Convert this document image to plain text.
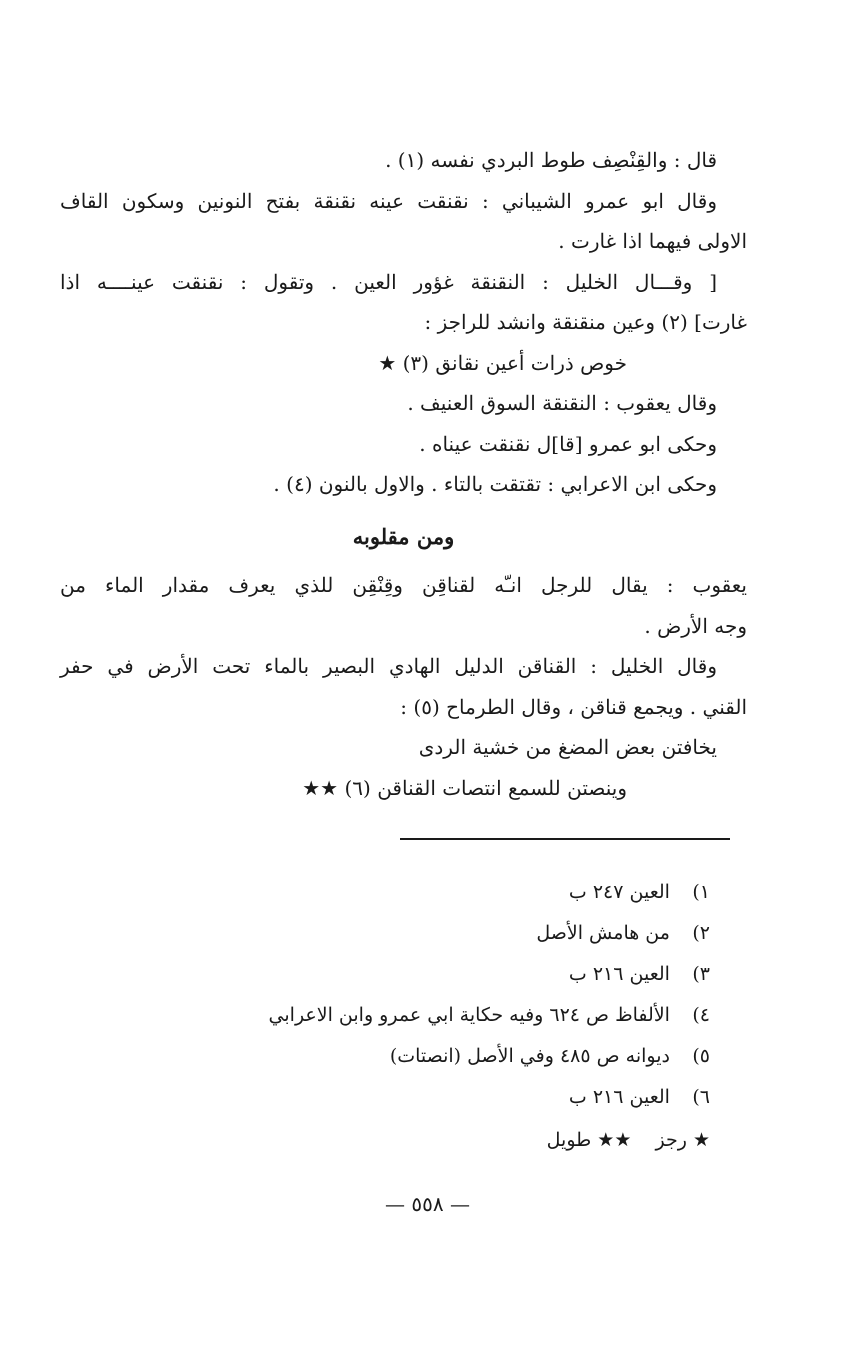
قال : والقِنْصِف طوط البردي نفسه (١) .
وقال ابو عمرو الشيباني : نقنقت عينه نقنقة بفتح النونين وسكون القاف
الاولى فيهما اذا غارت .
[ وقـــال الخليل : النقنقة غؤور العين . وتقول : نقنقت عينــــه اذا
غارت] (٢) وعين منقنقة وانشد للراجز :
خوص ذرات أعين نقانق (٣) ★
وقال يعقوب : النقنقة السوق العنيف .
وحكى ابو عمرو [قا]ل نقنقت عيناه .
وحكى ابن الاعرابي : تقتقت بالتاء . والاول بالنون (٤) .
ومن مقلوبه
يعقوب : يقال للرجل انـّه لقناقِن وقِنْقِن للذي يعرف مقدار الماء من
وجه الأرض .
وقال الخليل : القناقن الدليل الهادي البصير بالماء تحت الأرض في حفر
القني . ويجمع قناقن ، وقال الطرماح (٥) :
يخافتن بعض المضغ من خشية الردى
وينصتن للسمع انتصات القناقن (٦) ★★
١) العين ٢٤٧ ب
٢) من هامش الأصل
٣) العين ٢١٦ ب
٤) الألفاظ ص ٦٢٤ وفيه حكاية ابي عمرو وابن الاعرابي
٥) ديوانه ص ٤٨٥ وفي الأصل (انصتات)
٦) العين ٢١٦ ب
★ رجز    ★★ طويل
— ٥٥٨ —
